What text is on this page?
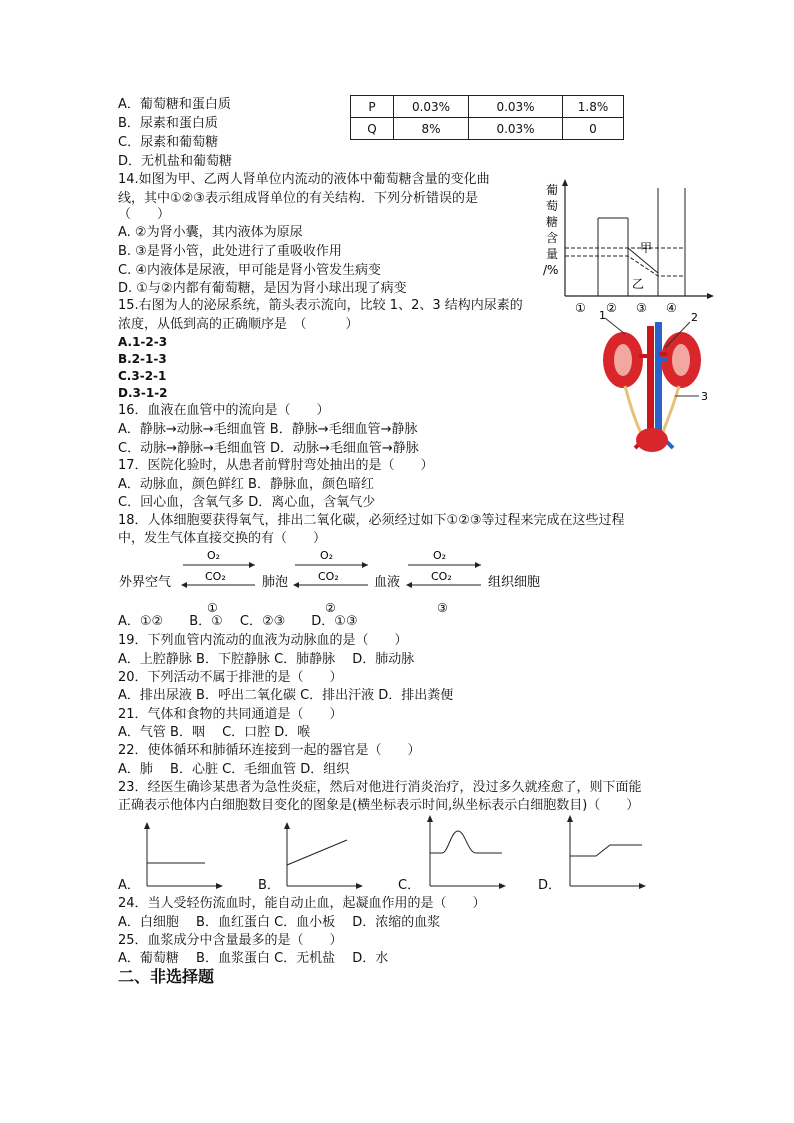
A．葡萄糖和蛋白质
B．尿素和蛋白质
C．尿素和葡萄糖
D．无机盐和葡萄糖
P	0.03%	0.03%	1.8%
Q	8%	0.03%	0
14.如图为甲、乙两人肾单位内流动的液体中葡萄糖含量的变化曲
线，其中①②③表示组成肾单位的有关结构．下列分析错误的是
（　　）
A. ②为肾小囊，其内液体为原尿
B. ③是肾小管，此处进行了重吸收作用
C. ④内液体是尿液，甲可能是肾小管发生病变
D. ①与②内都有葡萄糖，是因为肾小球出现了病变
葡
萄
糖
含
量
/%
甲
乙
① ② ③ ④
15.右图为人的泌尿系统，箭头表示流向，比较 1、2、3 结构内尿素的
浓度，从低到高的正确顺序是　（　　　）
A.1-2-3
B.2-1-3
C.3-2-1
D.3-1-2
1	2
3
16．血液在血管中的流向是（　　）
A．静脉→动脉→毛细血管 B．静脉→毛细血管→静脉
C．动脉→静脉→毛细血管 D．动脉→毛细血管→静脉
17．医院化验时，从患者前臂肘弯处抽出的是（　　）
A．动脉血，颜色鲜红 B．静脉血，颜色暗红
C．回心血，含氧气多 D．离心血，含氧气少
18．人体细胞要获得氧气，排出二氧化碳，必须经过如下①②③等过程来完成在这些过程
中，发生气体直接交换的有（　　）
外界空气	肺泡	血液	组织细胞
O₂
CO₂
①
O₂
CO₂
②
O₂
CO₂
③
A．①②　　B．①　 C．②③　　D．①③
19．下列血管内流动的血液为动脉血的是（　　）
A．上腔静脉 B．下腔静脉 C．肺静脉　 D．肺动脉
20．下列活动不属于排泄的是（　　）
A．排出尿液 B．呼出二氧化碳 C．排出汗液 D．排出粪便
21．气体和食物的共同通道是（　　）
A．气管 B．咽　 C．口腔 D．喉
22．使体循环和肺循环连接到一起的器官是（　　）
A．肺　 B．心脏 C．毛细血管 D．组织
23．经医生确诊某患者为急性炎症，然后对他进行消炎治疗，没过多久就痊愈了，则下面能
正确表示他体内白细胞数目变化的图象是(横坐标表示时间,纵坐标表示白细胞数目)（　　）
A．	B．	C．	D．
24．当人受轻伤流血时，能自动止血，起凝血作用的是（　　）
A．白细胞　 B．血红蛋白 C．血小板　 D．浓缩的血浆
25．血浆成分中含量最多的是（　　）
A．葡萄糖　 B．血浆蛋白 C．无机盐　 D．水
二、非选择题
